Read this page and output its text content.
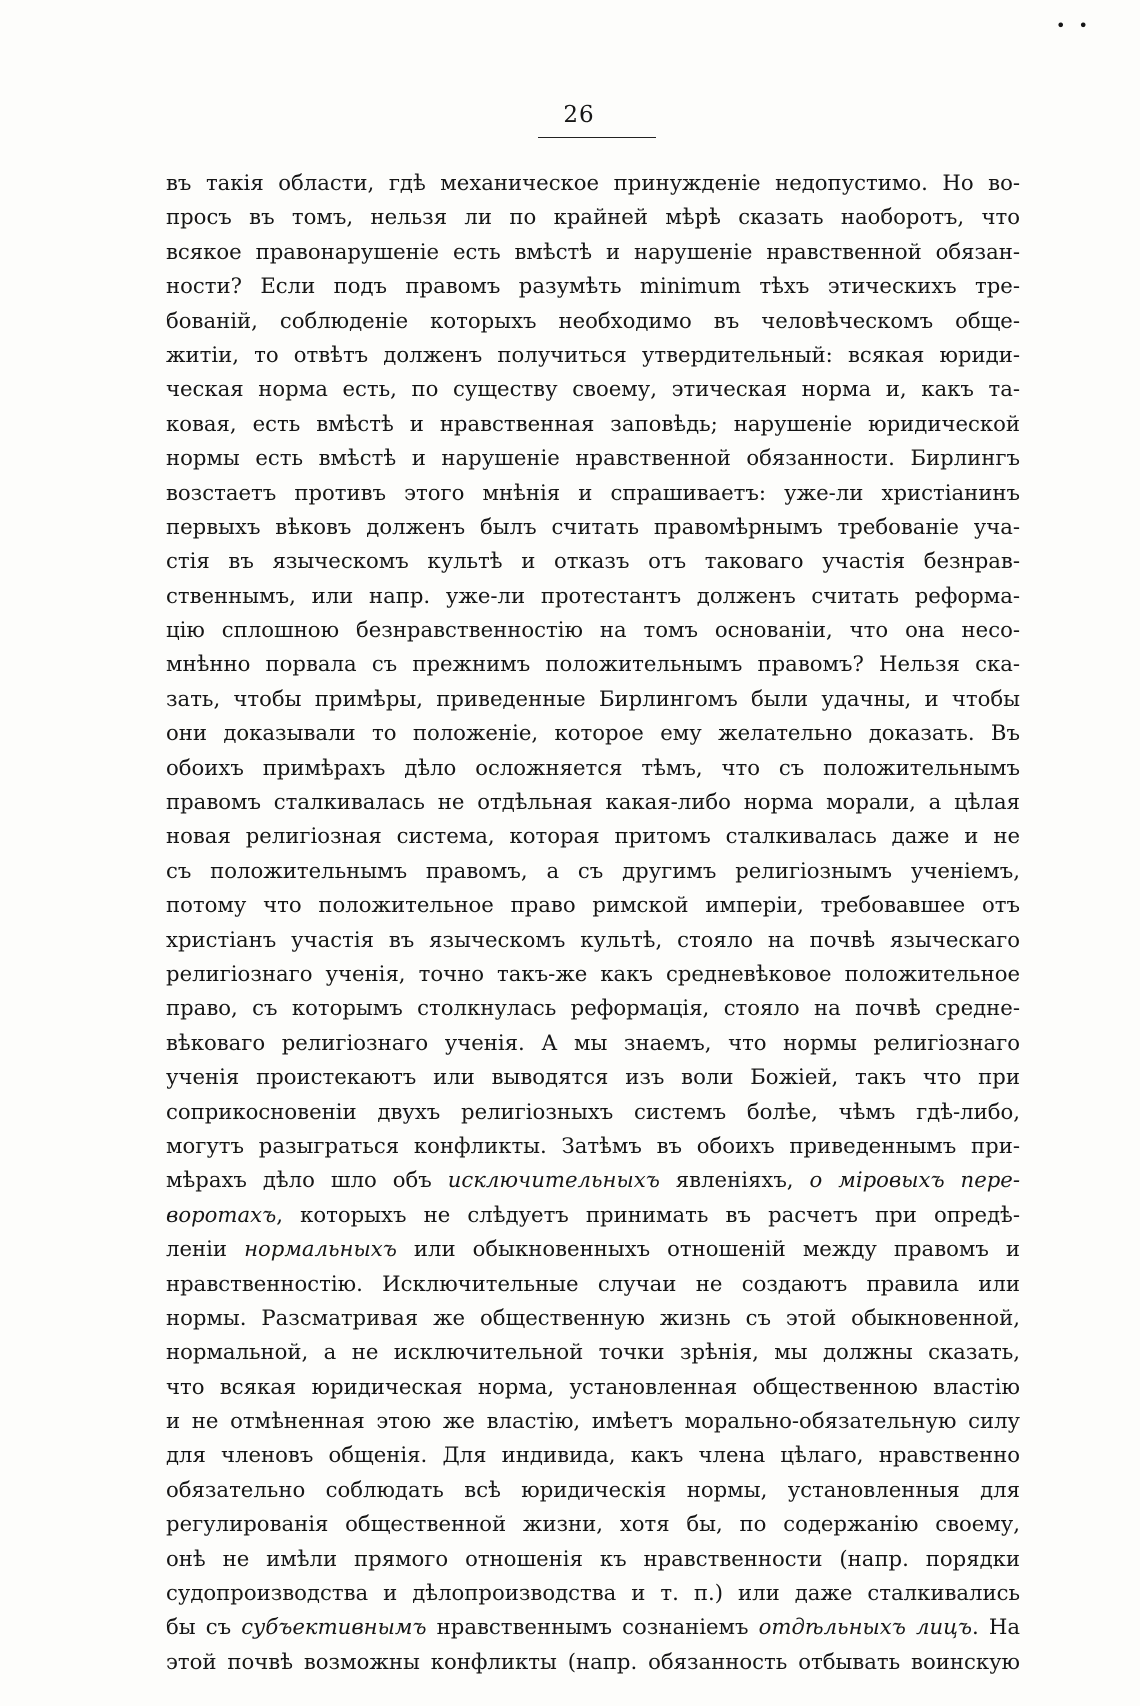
• •
26
въ такія области, гдѣ механическое принужденіе недопустимо. Но во-
просъ въ томъ, нельзя ли по крайней мѣрѣ сказать наоборотъ, что
всякое правонарушеніе есть вмѣстѣ и нарушеніе нравственной обязан-
ности? Если подъ правомъ разумѣть minimum тѣхъ этическихъ тре-
бованій, соблюденіе которыхъ необходимо въ человѣческомъ обще-
житіи, то отвѣтъ долженъ получиться утвердительный: всякая юриди-
ческая норма есть, по существу своему, этическая норма и, какъ та-
ковая, есть вмѣстѣ и нравственная заповѣдь; нарушеніе юридической
нормы есть вмѣстѣ и нарушеніе нравственной обязанности. Бирлингъ
возстаетъ противъ этого мнѣнія и спрашиваетъ: уже-ли христіанинъ
первыхъ вѣковъ долженъ былъ считать правомѣрнымъ требованіе уча-
стія въ языческомъ культѣ и отказъ отъ таковаго участія безнрав-
ственнымъ, или напр. уже-ли протестантъ долженъ считать реформа-
цію сплошною безнравственностію на томъ основаніи, что она несо-
мнѣнно порвала съ прежнимъ положительнымъ правомъ? Нельзя ска-
зать, чтобы примѣры, приведенные Бирлингомъ были удачны, и чтобы
они доказывали то положеніе, которое ему желательно доказать. Въ
обоихъ примѣрахъ дѣло осложняется тѣмъ, что съ положительнымъ
правомъ сталкивалась не отдѣльная какая-либо норма морали, а цѣлая
новая религіозная система, которая притомъ сталкивалась даже и не
съ положительнымъ правомъ, а съ другимъ религіознымъ ученіемъ,
потому что положительное право римской имперіи, требовавшее отъ
христіанъ участія въ языческомъ культѣ, стояло на почвѣ языческаго
религіознаго ученія, точно такъ-же какъ средневѣковое положительное
право, съ которымъ столкнулась реформація, стояло на почвѣ средне-
вѣковаго религіознаго ученія. А мы знаемъ, что нормы религіознаго
ученія проистекаютъ или выводятся изъ воли Божіей, такъ что при
соприкосновеніи двухъ религіозныхъ системъ болѣе, чѣмъ гдѣ-либо,
могутъ разыграться конфликты. Затѣмъ въ обоихъ приведеннымъ при-
мѣрахъ дѣло шло объ исключительныхъ явленіяхъ, о міровыхъ пере-
воротахъ, которыхъ не слѣдуетъ принимать въ расчетъ при опредѣ-
леніи нормальныхъ или обыкновенныхъ отношеній между правомъ и
нравственностію. Исключительные случаи не создаютъ правила или
нормы. Разсматривая же общественную жизнь съ этой обыкновенной,
нормальной, а не исключительной точки зрѣнія, мы должны сказать,
что всякая юридическая норма, установленная общественною властію
и не отмѣненная этою же властію, имѣетъ морально-обязательную силу
для членовъ общенія. Для индивида, какъ члена цѣлаго, нравственно
обязательно соблюдать всѣ юридическія нормы, установленныя для
регулированія общественной жизни, хотя бы, по содержанію своему,
онѣ не имѣли прямого отношенія къ нравственности (напр. порядки
судопроизводства и дѣлопроизводства и т. п.) или даже сталкивались
бы съ субъективнымъ нравственнымъ сознаніемъ отдѣльныхъ лицъ. На
этой почвѣ возможны конфликты (напр. обязанность отбывать воинскую
